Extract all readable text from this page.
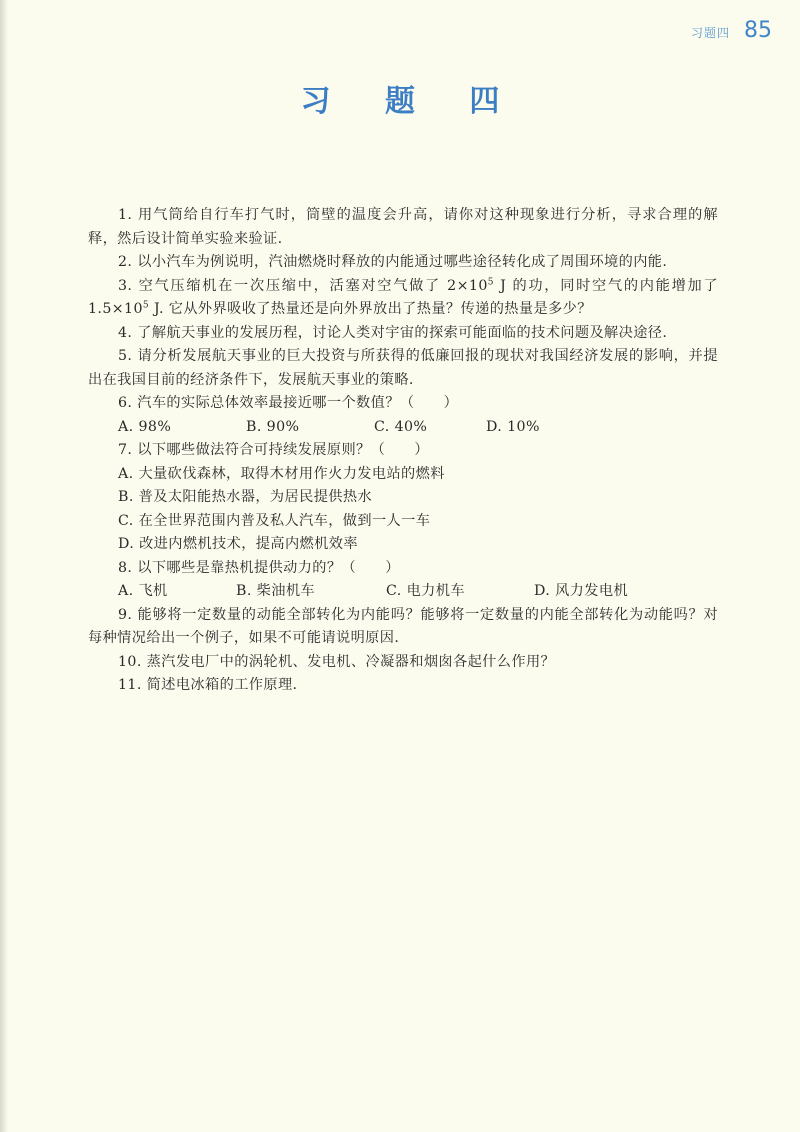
习题四 85
习 题 四

1. 用气筒给自行车打气时，筒壁的温度会升高，请你对这种现象进行分析，寻求合理的解释，然后设计简单实验来验证.

2. 以小汽车为例说明，汽油燃烧时释放的内能通过哪些途径转化成了周围环境的内能.

3. 空气压缩机在一次压缩中，活塞对空气做了 $2\times 10^5$ J 的功，同时空气的内能增加了 $1.5\times 10^5$ J. 它从外界吸收了热量还是向外界放出了热量？传递的热量是多少？

4. 了解航天事业的发展历程，讨论人类对宇宙的探索可能面临的技术问题及解决途径.

5. 请分析发展航天事业的巨大投资与所获得的低廉回报的现状对我国经济发展的影响，并提出在我国目前的经济条件下，发展航天事业的策略.

6. 汽车的实际总体效率最接近哪一个数值？（　　）

A. 98%	B. 90%	C. 40%	D. 10%

7. 以下哪些做法符合可持续发展原则？（　　）

A. 大量砍伐森林，取得木材用作火力发电站的燃料

B. 普及太阳能热水器，为居民提供热水

C. 在全世界范围内普及私人汽车，做到一人一车

D. 改进内燃机技术，提高内燃机效率

8. 以下哪些是靠热机提供动力的？（　　）

A. 飞机	B. 柴油机车	C. 电力机车	D. 风力发电机

9. 能够将一定数量的动能全部转化为内能吗？能够将一定数量的内能全部转化为动能吗？对每种情况给出一个例子，如果不可能请说明原因.

10. 蒸汽发电厂中的涡轮机、发电机、冷凝器和烟囱各起什么作用？

11. 简述电冰箱的工作原理.
